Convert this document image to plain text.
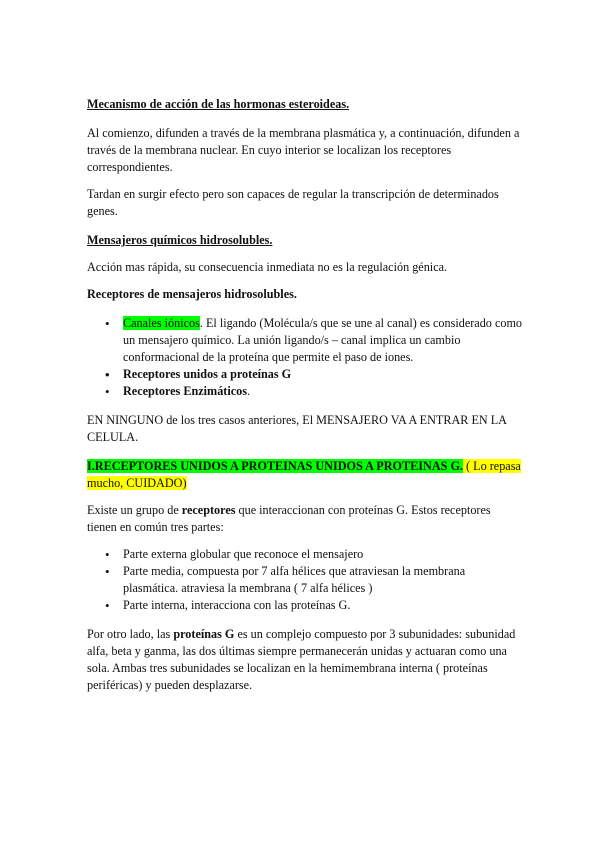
Mecanismo de acción de las hormonas esteroideas.

Al comienzo, difunden a través de la membrana plasmática y, a continuación, difunden a través de la membrana nuclear. En cuyo interior se localizan los receptores correspondientes.

Tardan en surgir efecto pero son capaces de regular la transcripción de determinados genes.

Mensajeros químicos hidrosolubles.

Acción mas rápida, su consecuencia inmediata no es la regulación génica.

Receptores de mensajeros hidrosolubles.

• Canales iónicos. El ligando (Molécula/s que se une al canal) es considerado como un mensajero químico. La unión ligando/s – canal implica un cambio conformacional de la proteína que permite el paso de iones.
• Receptores unidos a proteínas G
• Receptores Enzimáticos.

EN NINGUNO de los tres casos anteriores, El MENSAJERO VA A ENTRAR EN LA CELULA.

I.RECEPTORES UNIDOS A PROTEINAS UNIDOS A PROTEINAS G. ( Lo repasa mucho, CUIDADO)

Existe un grupo de receptores que interaccionan con proteínas G. Estos receptores tienen en común tres partes:

• Parte externa globular que reconoce el mensajero
• Parte media, compuesta por 7 alfa hélices que atraviesan la membrana plasmática. atraviesa la membrana ( 7 alfa hélices )
• Parte interna, interacciona con las proteínas G.

Por otro lado, las proteínas G es un complejo compuesto por 3 subunidades: subunidad alfa, beta y ganma, las dos últimas siempre permanecerán unidas y actuaran como una sola. Ambas tres subunidades se localizan en la hemimembrana interna ( proteínas periféricas) y pueden desplazarse.
